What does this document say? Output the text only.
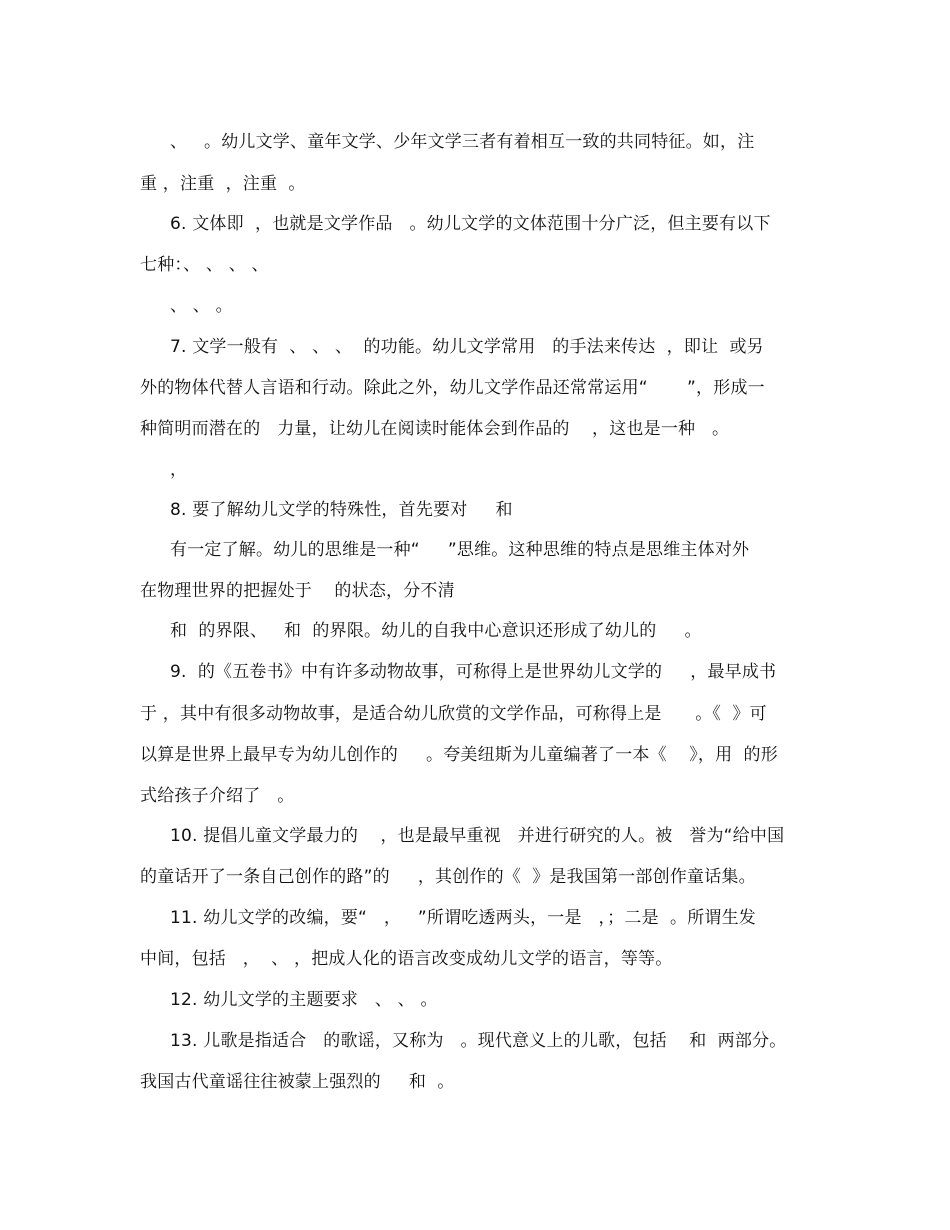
、   。幼儿文学、童年文学、少年文学三者有着相互一致的共同特征。如，注
重 ，注重  ，注重  。
6. 文体即  ，也就是文学作品   。幼儿文学的文体范围十分广泛，但主要有以下
七种：、 、 、 、
、 、 。
7. 文学一般有  、 、 、  的功能。幼儿文学常用   的手法来传达  ，即让  或另
外的物体代替人言语和行动。除此之外，幼儿文学作品还常常运用“       ”，形成一
种简明而潜在的   力量，让幼儿在阅读时能体会到作品的    ，这也是一种   。
，
8. 要了解幼儿文学的特殊性，首先要对     和
有一定了解。幼儿的思维是一种“     ”思维。这种思维的特点是思维主体对外
在物理世界的把握处于    的状态，分不清
和  的界限、   和  的界限。幼儿的自我中心意识还形成了幼儿的     。
9.  的《五卷书》中有许多动物故事，可称得上是世界幼儿文学的     ，最早成书
于 ，其中有很多动物故事，是适合幼儿欣赏的文学作品，可称得上是      。《  》可
以算是世界上最早专为幼儿创作的     。夸美纽斯为儿童编著了一本《    》，用  的形
式给孩子介绍了   。
10. 提倡儿童文学最力的    ，也是最早重视   并进行研究的人。被   誉为“给中国
的童话开了一条自己创作的路”的     ，其创作的《  》是我国第一部创作童话集。
11. 幼儿文学的改编，要“   ，   ”所谓吃透两头，一是   ，；二是  。所谓生发
中间，包括   ，  、 ，把成人化的语言改变成幼儿文学的语言，等等。
12. 幼儿文学的主题要求   、 、 。
13. 儿歌是指适合   的歌谣，又称为   。现代意义上的儿歌，包括    和  两部分。
我国古代童谣往往被蒙上强烈的     和  。
